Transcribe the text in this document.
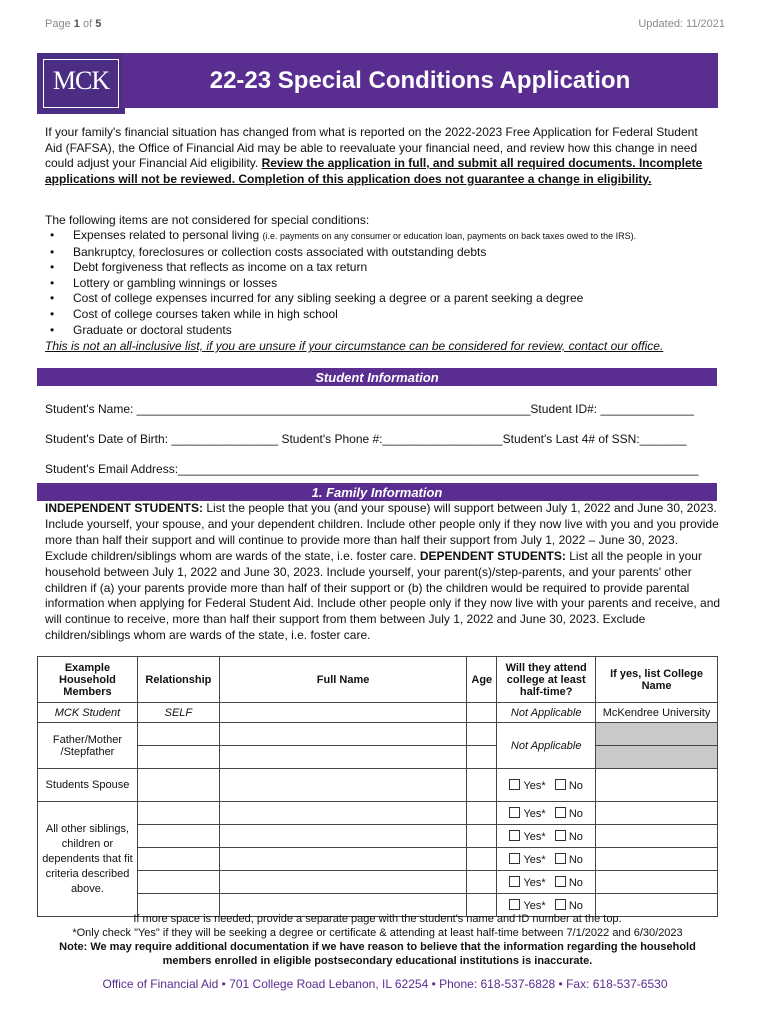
Page 1 of 5	Updated: 11/2021
MCK	22-23 Special Conditions Application
If your family's financial situation has changed from what is reported on the 2022-2023 Free Application for Federal Student Aid (FAFSA), the Office of Financial Aid may be able to reevaluate your financial need, and review how this change in need could adjust your Financial Aid eligibility. Review the application in full, and submit all required documents. Incomplete applications will not be reviewed. Completion of this application does not guarantee a change in eligibility.
The following items are not considered for special conditions:
• Expenses related to personal living (i.e. payments on any consumer or education loan, payments on back taxes owed to the IRS).
• Bankruptcy, foreclosures or collection costs associated with outstanding debts
• Debt forgiveness that reflects as income on a tax return
• Lottery or gambling winnings or losses
• Cost of college expenses incurred for any sibling seeking a degree or a parent seeking a degree
• Cost of college courses taken while in high school
• Graduate or doctoral students
This is not an all-inclusive list, if you are unsure if your circumstance can be considered for review, contact our office.
Student Information
Student's Name: ___________________________________________________________Student ID#: ______________
Student's Date of Birth: ________________ Student's Phone #:__________________Student's Last 4# of SSN:_______
Student's Email Address:______________________________________________________________________________
1. Family Information
INDEPENDENT STUDENTS: List the people that you (and your spouse) will support between July 1, 2022 and June 30, 2023. Include yourself, your spouse, and your dependent children. Include other people only if they now live with you and you provide more than half their support and will continue to provide more than half their support from July 1, 2022 – June 30, 2023. Exclude children/siblings whom are wards of the state, i.e. foster care. DEPENDENT STUDENTS: List all the people in your household between July 1, 2022 and June 30, 2023. Include yourself, your parent(s)/step-parents, and your parents' other children if (a) your parents provide more than half of their support or (b) the children would be required to provide parental information when applying for Federal Student Aid. Include other people only if they now live with your parents and receive, and will continue to receive, more than half their support from them between July 1, 2022 and June 30, 2023. Exclude children/siblings whom are wards of the state, i.e. foster care.
Example Household Members	Relationship	Full Name	Age	Will they attend college at least half-time?	If yes, list College Name
MCK Student	SELF			Not Applicable	McKendree University
Father/Mother /Stepfather				Not Applicable	

Students Spouse				Yes* No	
All other siblings, children or dependents that fit criteria described above.				Yes* No	
				Yes* No	
				Yes* No	
				Yes* No	
				Yes* No	
If more space is needed, provide a separate page with the student's name and ID number at the top.
*Only check "Yes" if they will be seeking a degree or certificate & attending at least half-time between 7/1/2022 and 6/30/2023
Note: We may require additional documentation if we have reason to believe that the information regarding the household members enrolled in eligible postsecondary educational institutions is inaccurate.
Office of Financial Aid • 701 College Road Lebanon, IL 62254 • Phone: 618-537-6828 • Fax: 618-537-6530
